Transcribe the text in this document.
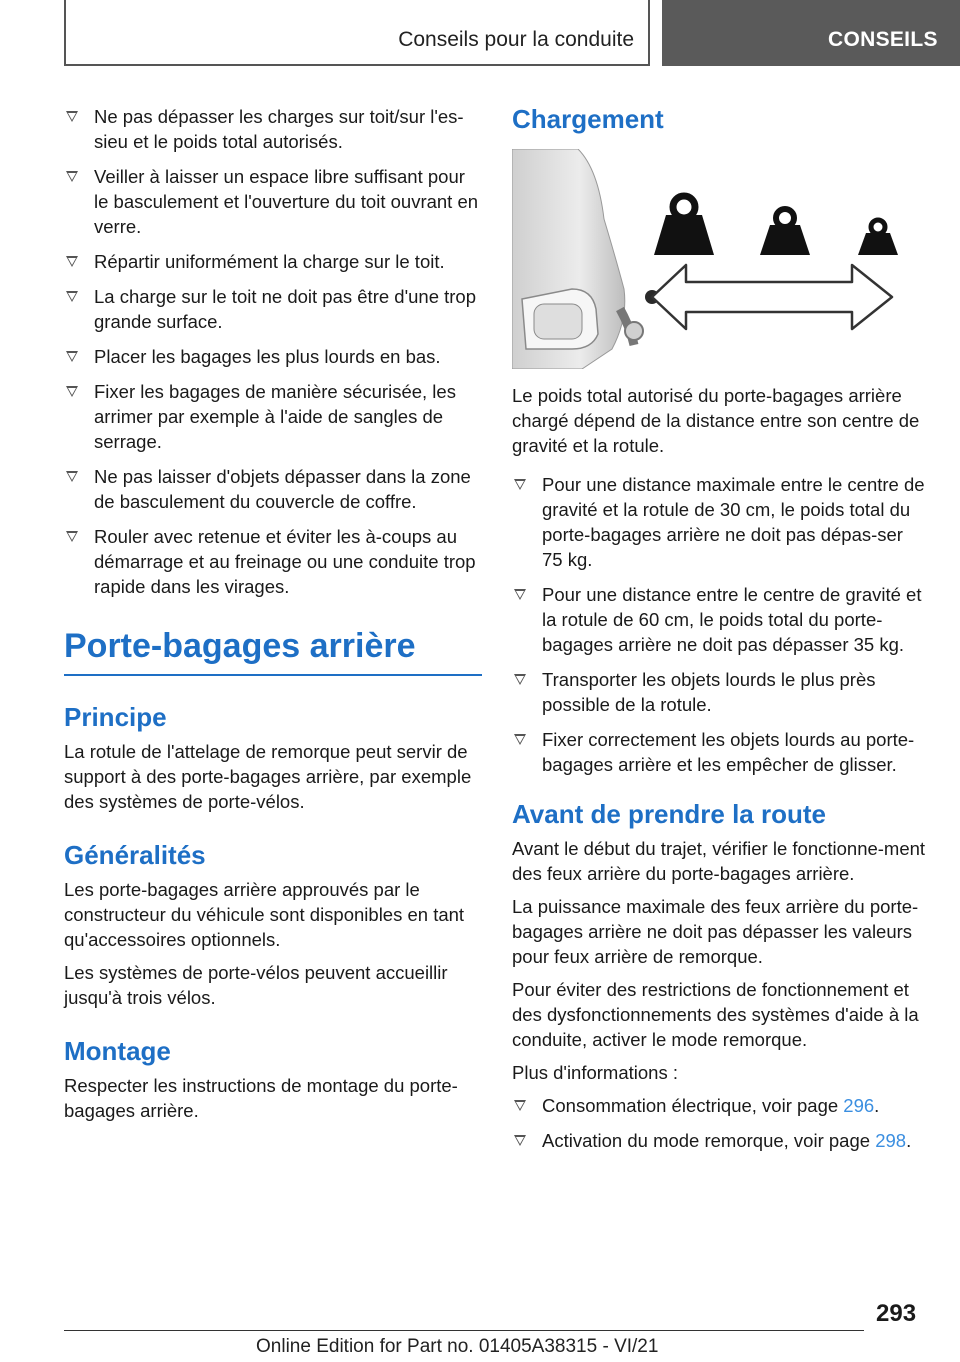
Conseils pour la conduite	CONSEILS
Ne pas dépasser les charges sur toit/sur l'es‐sieu et le poids total autorisés.
Veiller à laisser un espace libre suffisant pour le basculement et l'ouverture du toit ouvrant en verre.
Répartir uniformément la charge sur le toit.
La charge sur le toit ne doit pas être d'une trop grande surface.
Placer les bagages les plus lourds en bas.
Fixer les bagages de manière sécurisée, les arrimer par exemple à l'aide de sangles de serrage.
Ne pas laisser d'objets dépasser dans la zone de basculement du couvercle de coffre.
Rouler avec retenue et éviter les à-coups au démarrage et au freinage ou une conduite trop rapide dans les virages.
Porte-bagages arrière
Principe

La rotule de l'attelage de remorque peut servir de support à des porte-bagages arrière, par exemple des systèmes de porte-vélos.

Généralités

Les porte-bagages arrière approuvés par le constructeur du véhicule sont disponibles en tant qu'accessoires optionnels.

Les systèmes de porte-vélos peuvent accueillir jusqu'à trois vélos.

Montage

Respecter les instructions de montage du porte‐bagages arrière.

Chargement

Le poids total autorisé du porte-bagages arrière chargé dépend de la distance entre son centre de gravité et la rotule.

Pour une distance maximale entre le centre de gravité et la rotule de 30 cm, le poids total du porte-bagages arrière ne doit pas dépas‐ser 75 kg.
Pour une distance entre le centre de gravité et la rotule de 60 cm, le poids total du porte-bagages arrière ne doit pas dépasser 35 kg.
Transporter les objets lourds le plus près possible de la rotule.
Fixer correctement les objets lourds au porte-bagages arrière et les empêcher de glisser.
Avant de prendre la route

Avant le début du trajet, vérifier le fonctionne‐ment des feux arrière du porte-bagages arrière.

La puissance maximale des feux arrière du porte-bagages arrière ne doit pas dépasser les valeurs pour feux arrière de remorque.

Pour éviter des restrictions de fonctionnement et des dysfonctionnements des systèmes d'aide à la conduite, activer le mode remorque.

Plus d'informations :

Consommation électrique, voir page 296.
Activation du mode remorque, voir page 298.
293
Online Edition for Part no. 01405A38315 - VI/21
